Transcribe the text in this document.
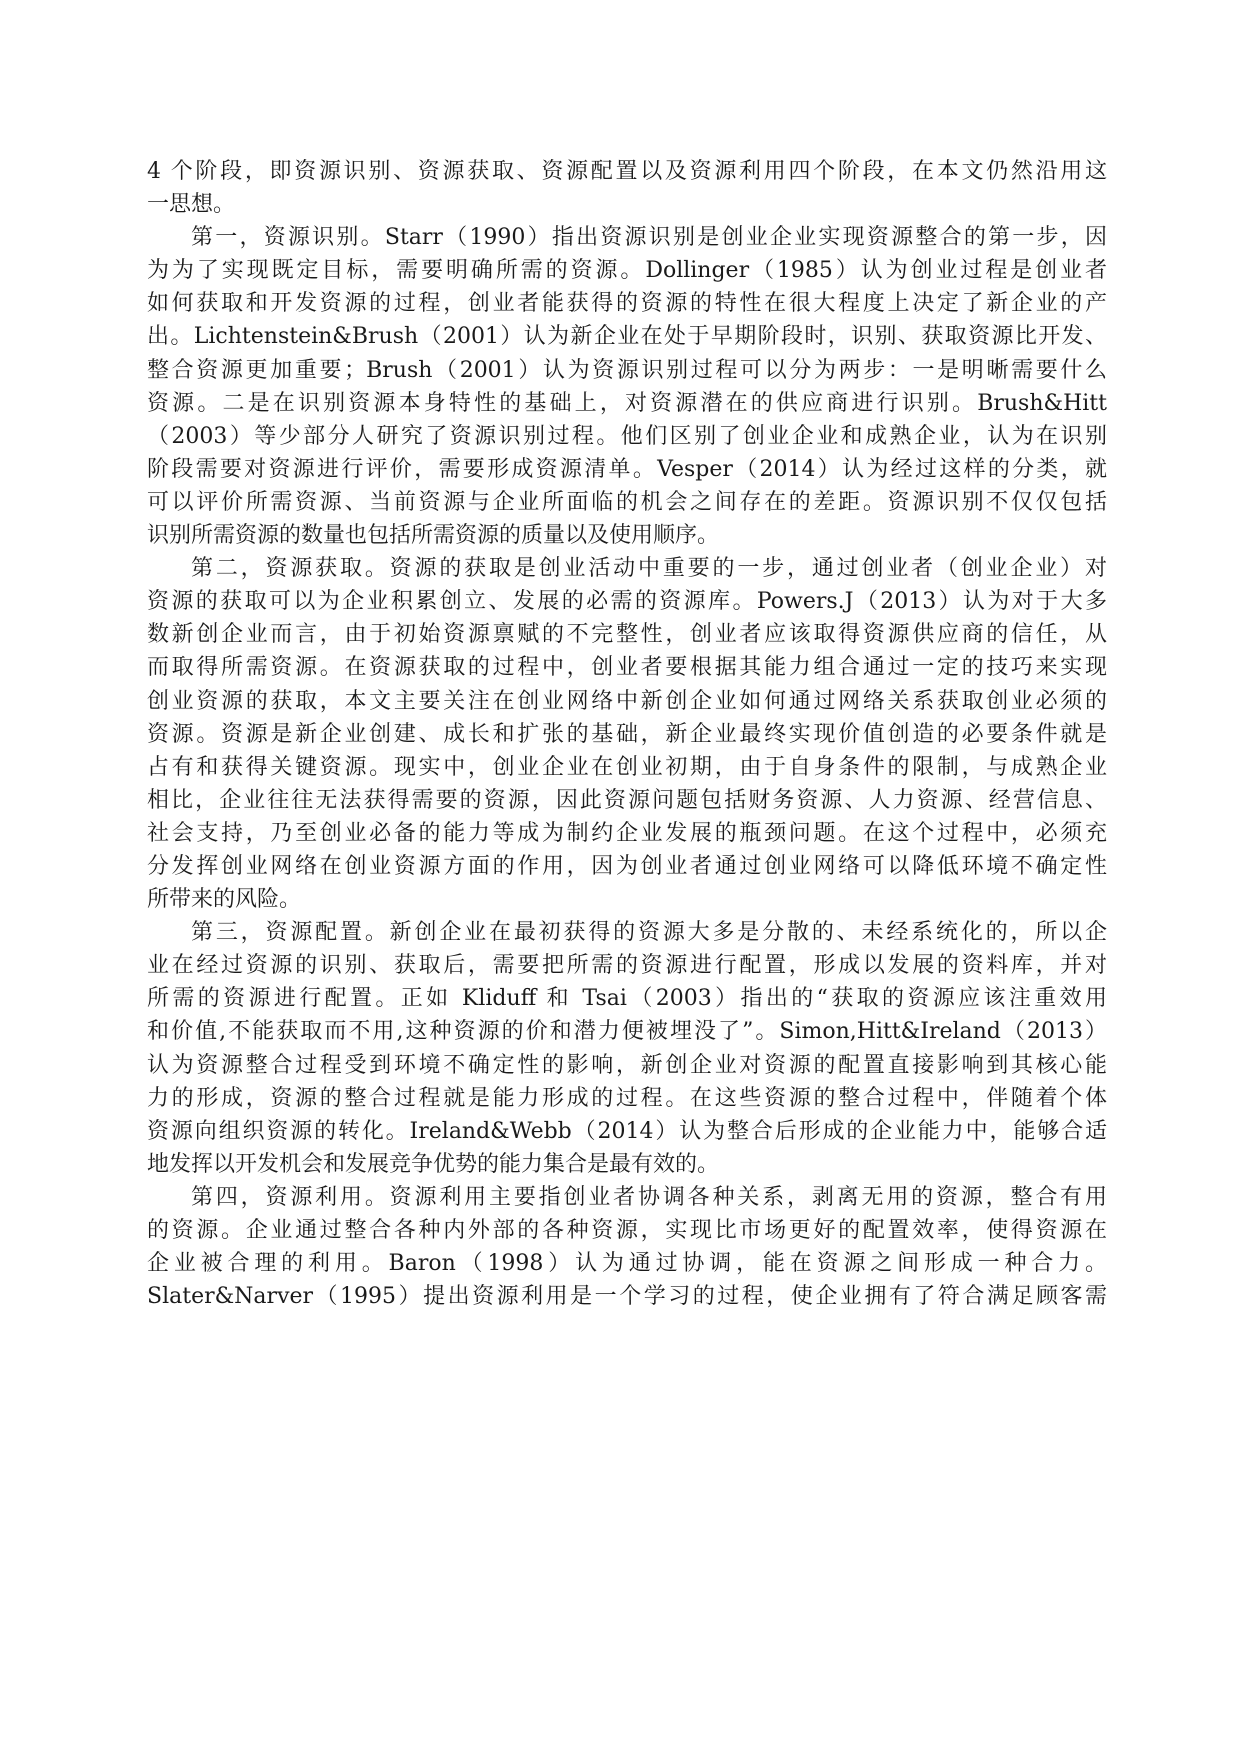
4 个阶段，即资源识别、资源获取、资源配置以及资源利用四个阶段，在本文仍然沿用这
一思想。
第一，资源识别。Starr（1990）指出资源识别是创业企业实现资源整合的第一步，因
为为了实现既定目标，需要明确所需的资源。Dollinger（1985）认为创业过程是创业者
如何获取和开发资源的过程，创业者能获得的资源的特性在很大程度上决定了新企业的产
出。Lichtenstein&Brush（2001）认为新企业在处于早期阶段时，识别、获取资源比开发、
整合资源更加重要；Brush（2001）认为资源识别过程可以分为两步：一是明晰需要什么
资源。二是在识别资源本身特性的基础上，对资源潜在的供应商进行识别。Brush&Hitt
（2003）等少部分人研究了资源识别过程。他们区别了创业企业和成熟企业，认为在识别
阶段需要对资源进行评价，需要形成资源清单。Vesper（2014）认为经过这样的分类，就
可以评价所需资源、当前资源与企业所面临的机会之间存在的差距。资源识别不仅仅包括
识别所需资源的数量也包括所需资源的质量以及使用顺序。
第二，资源获取。资源的获取是创业活动中重要的一步，通过创业者（创业企业）对
资源的获取可以为企业积累创立、发展的必需的资源库。Powers.J（2013）认为对于大多
数新创企业而言，由于初始资源禀赋的不完整性，创业者应该取得资源供应商的信任，从
而取得所需资源。在资源获取的过程中，创业者要根据其能力组合通过一定的技巧来实现
创业资源的获取，本文主要关注在创业网络中新创企业如何通过网络关系获取创业必须的
资源。资源是新企业创建、成长和扩张的基础，新企业最终实现价值创造的必要条件就是
占有和获得关键资源。现实中，创业企业在创业初期，由于自身条件的限制，与成熟企业
相比，企业往往无法获得需要的资源，因此资源问题包括财务资源、人力资源、经营信息、
社会支持，乃至创业必备的能力等成为制约企业发展的瓶颈问题。在这个过程中，必须充
分发挥创业网络在创业资源方面的作用，因为创业者通过创业网络可以降低环境不确定性
所带来的风险。
第三，资源配置。新创企业在最初获得的资源大多是分散的、未经系统化的，所以企
业在经过资源的识别、获取后，需要把所需的资源进行配置，形成以发展的资料库，并对
所需的资源进行配置。正如 Kliduff 和 Tsai（2003）指出的“获取的资源应该注重效用
和价值,不能获取而不用,这种资源的价和潜力便被埋没了”。Simon,Hitt&Ireland（2013）
认为资源整合过程受到环境不确定性的影响，新创企业对资源的配置直接影响到其核心能
力的形成，资源的整合过程就是能力形成的过程。在这些资源的整合过程中，伴随着个体
资源向组织资源的转化。Ireland&Webb（2014）认为整合后形成的企业能力中，能够合适
地发挥以开发机会和发展竞争优势的能力集合是最有效的。
第四，资源利用。资源利用主要指创业者协调各种关系，剥离无用的资源，整合有用
的资源。企业通过整合各种内外部的各种资源，实现比市场更好的配置效率，使得资源在
企业被合理的利用。Baron（1998）认为通过协调，能在资源之间形成一种合力。
Slater&Narver（1995）提出资源利用是一个学习的过程，使企业拥有了符合满足顾客需
